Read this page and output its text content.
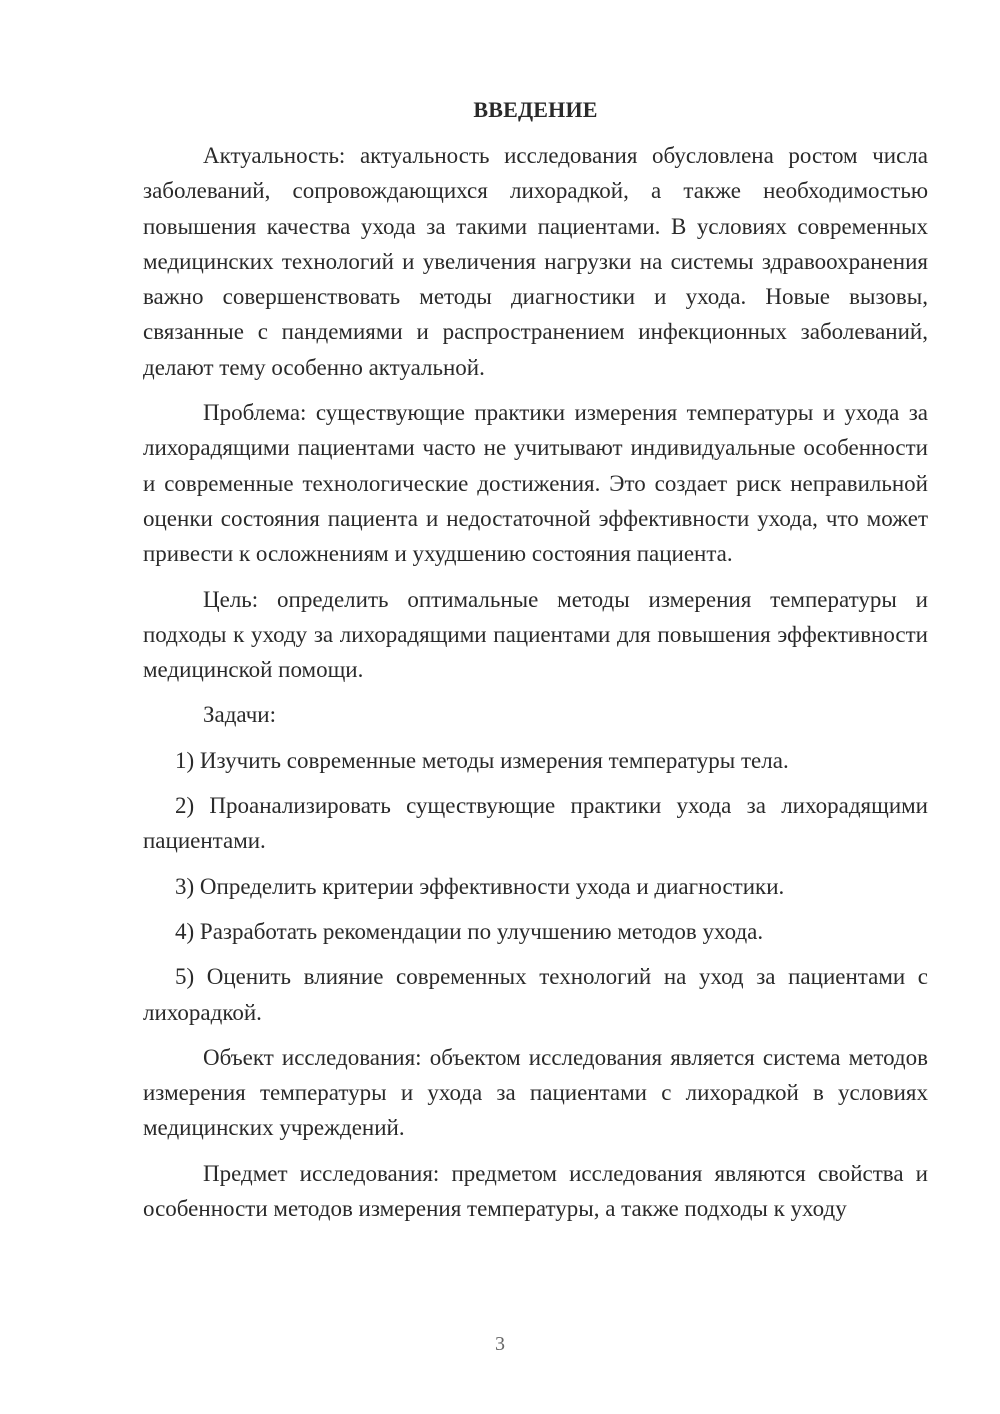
ВВЕДЕНИЕ

Актуальность: актуальность исследования обусловлена ростом числа заболеваний, сопровождающихся лихорадкой, а также необходимостью повышения качества ухода за такими пациентами. В условиях современных медицинских технологий и увеличения нагрузки на системы здравоохранения важно совершенствовать методы диагностики и ухода. Новые вызовы, связанные с пандемиями и распространением инфекционных заболеваний, делают тему особенно актуальной.

Проблема: существующие практики измерения температуры и ухода за лихорадящими пациентами часто не учитывают индивидуальные особенности и современные технологические достижения. Это создает риск неправильной оценки состояния пациента и недостаточной эффективности ухода, что может привести к осложнениям и ухудшению состояния пациента.

Цель: определить оптимальные методы измерения температуры и подходы к уходу за лихорадящими пациентами для повышения эффективности медицинской помощи.

Задачи:

1) Изучить современные методы измерения температуры тела.

2) Проанализировать существующие практики ухода за лихорадящими пациентами.

3) Определить критерии эффективности ухода и диагностики.

4) Разработать рекомендации по улучшению методов ухода.

5) Оценить влияние современных технологий на уход за пациентами с лихорадкой.

Объект исследования: объектом исследования является система методов измерения температуры и ухода за пациентами с лихорадкой в условиях медицинских учреждений.

Предмет исследования: предметом исследования являются свойства и особенности методов измерения температуры, а также подходы к уходу

3
